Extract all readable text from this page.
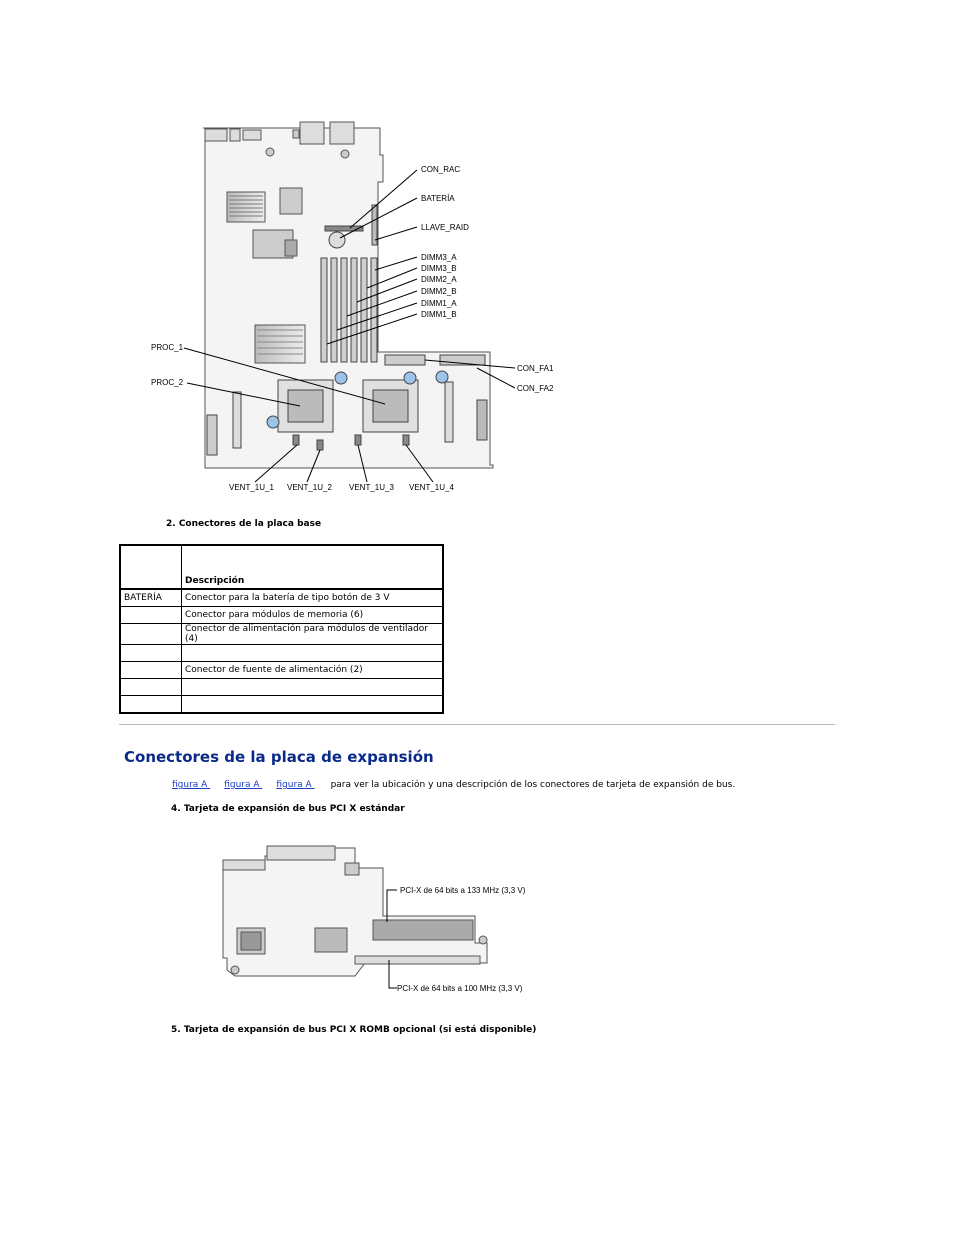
CON_RAC
BATERÍA
LLAVE_RAID
DIMM3_A
DIMM3_B
DIMM2_A
DIMM2_B
DIMM1_A
DIMM1_B
PROC_1
PROC_2
CON_FA1
CON_FA2
VENT_1U_1 VENT_1U_2 VENT_1U_3 VENT_1U_4
2. Conectores de la placa base
	Descripción
BATERÍA	Conector para la batería de tipo botón de 3 V
	Conector para módulos de memoria (6)
	Conector de alimentación para módulos de ventilador (4)

	Conector de fuente de alimentación (2)

Conectores de la placa de expansión
figura A figura A figura A para ver la ubicación y una descripción de los conectores de tarjeta de expansión de bus.
4. Tarjeta de expansión de bus PCI X estándar
PCI-X de 64 bits a 133 MHz (3,3 V)
PCI-X de 64 bits a 100 MHz (3,3 V)
5. Tarjeta de expansión de bus PCI X ROMB opcional (si está disponible)
